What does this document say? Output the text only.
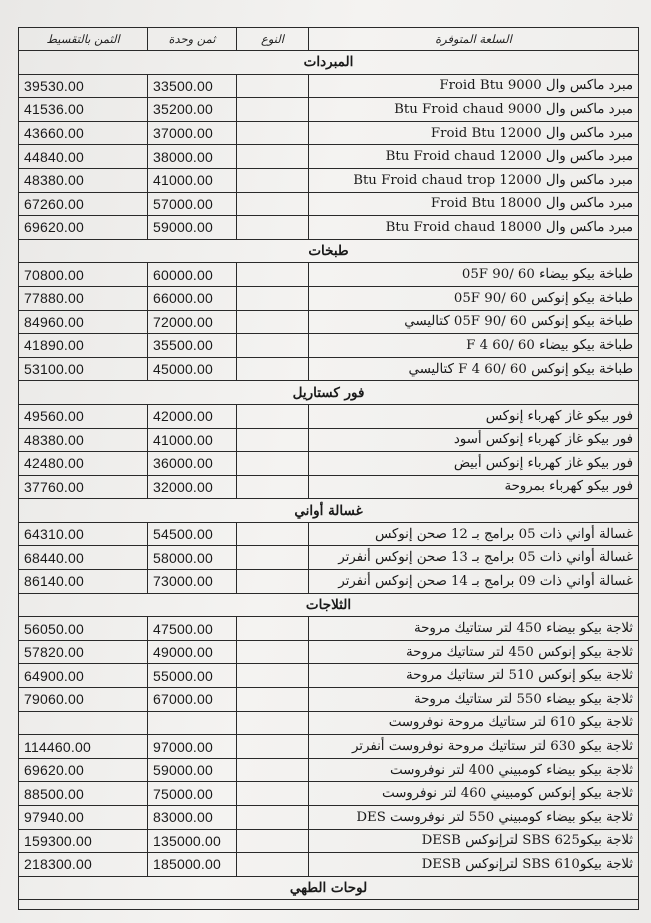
السلعة المتوفرة	النوع	ثمن وحدة	الثمن بالتقسيط
المبردات			
مبرد ماكس وال 9000 Froid Btu		33500.00	39530.00
مبرد ماكس وال 9000 Btu Froid chaud		35200.00	41536.00
مبرد ماكس وال 12000 Froid Btu		37000.00	43660.00
مبرد ماكس وال 12000 Btu Froid chaud		38000.00	44840.00
مبرد ماكس وال 12000 Btu Froid chaud trop		41000.00	48380.00
مبرد ماكس وال 18000 Froid Btu		57000.00	67260.00
مبرد ماكس وال 18000 Btu Froid chaud		59000.00	69620.00
طبخات			
طباخة بيكو بيضاء 60 /90 05F		60000.00	70800.00
طباخة بيكو إنوكس 60 /90 05F		66000.00	77880.00
طباخة بيكو إنوكس 60 /90 05F كتاليسي		72000.00	84960.00
طباخة بيكو بيضاء 60 /60 F 4		35500.00	41890.00
طباخة بيكو إنوكس 60 /60 F 4 كتاليسي		45000.00	53100.00
فور كستاريل			
فور بيكو غاز كهرباء إنوكس		42000.00	49560.00
فور بيكو غاز كهرباء إنوكس أسود		41000.00	48380.00
فور بيكو غاز كهرباء إنوكس أبيض		36000.00	42480.00
فور بيكو كهرباء بمروحة		32000.00	37760.00
غسالة أواني			
غسالة أواني ذات 05 برامج بـ 12 صحن إنوكس		54500.00	64310.00
غسالة أواني ذات 05 برامج بـ 13 صحن إنوكس أنفرتر		58000.00	68440.00
غسالة أواني ذات 09 برامج بـ 14 صحن إنوكس أنفرتر		73000.00	86140.00
الثلاجات			
ثلاجة بيكو بيضاء 450 لتر ستاتيك مروحة		47500.00	56050.00
ثلاجة بيكو إنوكس 450 لتر ستاتيك مروحة		49000.00	57820.00
ثلاجة بيكو إنوكس 510 لتر ستاتيك مروحة		55000.00	64900.00
ثلاجة بيكو بيضاء 550 لتر ستاتيك مروحة		67000.00	79060.00
ثلاجة بيكو 610 لتر ستاتيك مروحة نوفروست			
ثلاجة بيكو 630 لتر ستاتيك مروحة نوفروست أنفرتر		97000.00	114460.00
ثلاجة بيكو بيضاء كومبيني 400 لتر نوفروست		59000.00	69620.00
ثلاجة بيكو إنوكس كومبيني 460 لتر نوفروست		75000.00	88500.00
ثلاجة بيكو بيضاء كومبيني 550 لتر نوفروست DES		83000.00	97940.00
ثلاجة بيكوSBS 625 لترإنوكس DESB		135000.00	159300.00
ثلاجة بيكوSBS 610 لترإنوكس DESB		185000.00	218300.00
لوحات الطهي			
